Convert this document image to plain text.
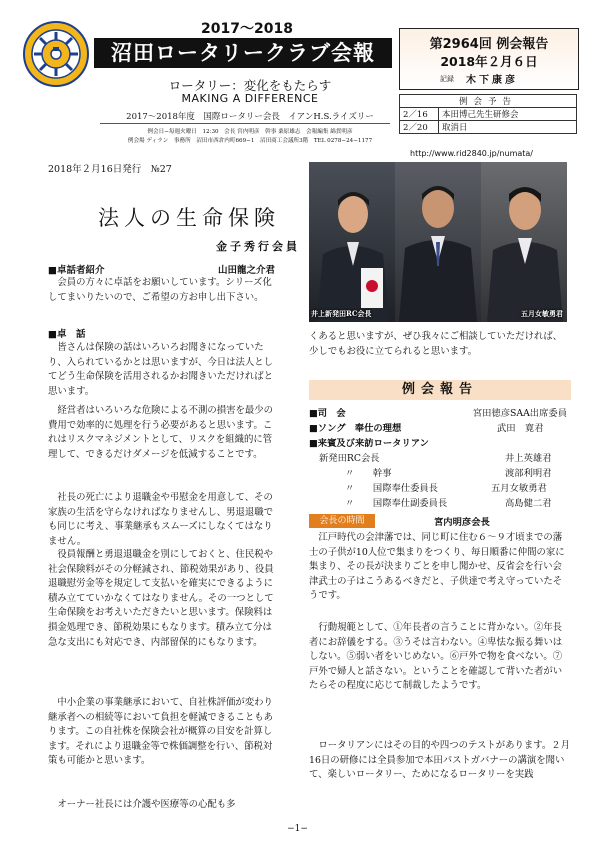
2017〜2018
沼田ロータリークラブ会報
ロータリー：変化をもたらす
MAKING A DIFFERENCE
2017〜2018年度　国際ロータリー会長　イアンH.S.ライズリー
例会日−毎週火曜日　12:30　会長 宮内明彦　幹事 桑原雄志　会報編集 綿貫明彦
例会場 ディラン　事務所　沼田市西倉内町669−1　沼田商工会議所3階　TEL 0278−24−1177
第2964回 例会報告
2018年２月６日
記録 木下康彦
例会予告	
2／16	本田博己先生研修会
2／20	取消日
http://www.rid2840.jp/numata/
2018年２月16日発行　№27
法人の生命保険
金子秀行会員
■卓話者紹介	山田龍之介君
会員の方々に卓話をお願いしています。シリーズ化してまいりたいので、ご希望の方お申し出下さい。
■卓　話
皆さんは保険の話はいろいろお聞きになっていたり、入られているかとは思いますが、今日は法人としてどう生命保険を活用されるかお聞きいただければと思います。
経営者はいろいろな危険による不測の損害を最少の費用で効率的に処理を行う必要があると思います。これはリスクマネジメントとして、リスクを組織的に管理して、できるだけダメージを低減することです。
社長の死亡により退職金や弔慰金を用意して、その家族の生活を守らなければなりませんし、男退退職でも同じに考え、事業継承もスムーズにしなくてはなりません。
役員報酬と勇退退職金を別にしておくと、住民税や社会保険料がその分軽減され、節税効果があり、役員退職慰労金等を規定して支払いを確実にできるように積み立てていかなくてはなりません。その一つとして生命保険をお考えいただきたいと思います。保険料は損金処理でき、節税効果にもなります。積み立て分は急な支出にも対応でき、内部留保的にもなります。
中小企業の事業継承において、自社株評価が変わり継承者への相続等において負担を軽減できることもあります。この自社株を保険会社が概算の目安を計算します。それにより退職金等で株価調整を行い、節税対策も可能かと思います。
オーナー社長には介護や医療等の心配も多
井上新発田RC会長	五月女敏勇君
くあると思いますが、ぜひ我々にご相談していただければ、少しでもお役に立てられると思います。
例会報告
■司　会	宮田徳彦SAA出席委員
■ソング　奉仕の理想	武田　寛君
■来賓及び来訪ロータリアン
新発田RC会長	井上英雄君
〃　　幹事	渡部利明君
〃　　国際奉仕委員長	五月女敏勇君
〃　　国際奉仕副委員長	高島健二君
会長の時間	宮内明彦会長
江戸時代の会津藩では、同じ町に住む６〜９才頃までの藩士の子供が10人位で集まりをつくり、毎日順番に仲間の家に集まり、その長が決まりごとを申し聞かせ、反省会を行い会津武士の子はこうあるべきだと、子供達で考え守っていたそうです。
行動規範として、①年長者の言うことに背かない。②年長者にお辞儀をする。③うそは言わない。④卑怯な振る舞いはしない。⑤弱い者をいじめない。⑥戸外で物を食べない。⑦戸外で婦人と話さない。ということを確認して背いた者がいたらその程度に応じて制裁したようです。
ロータリアンにはその目的や四つのテストがあります。２月16日の研修には全員参加で本田パストガバナーの講演を聞いて、楽しいロータリー、ためになるロータリーを実践
−1−
